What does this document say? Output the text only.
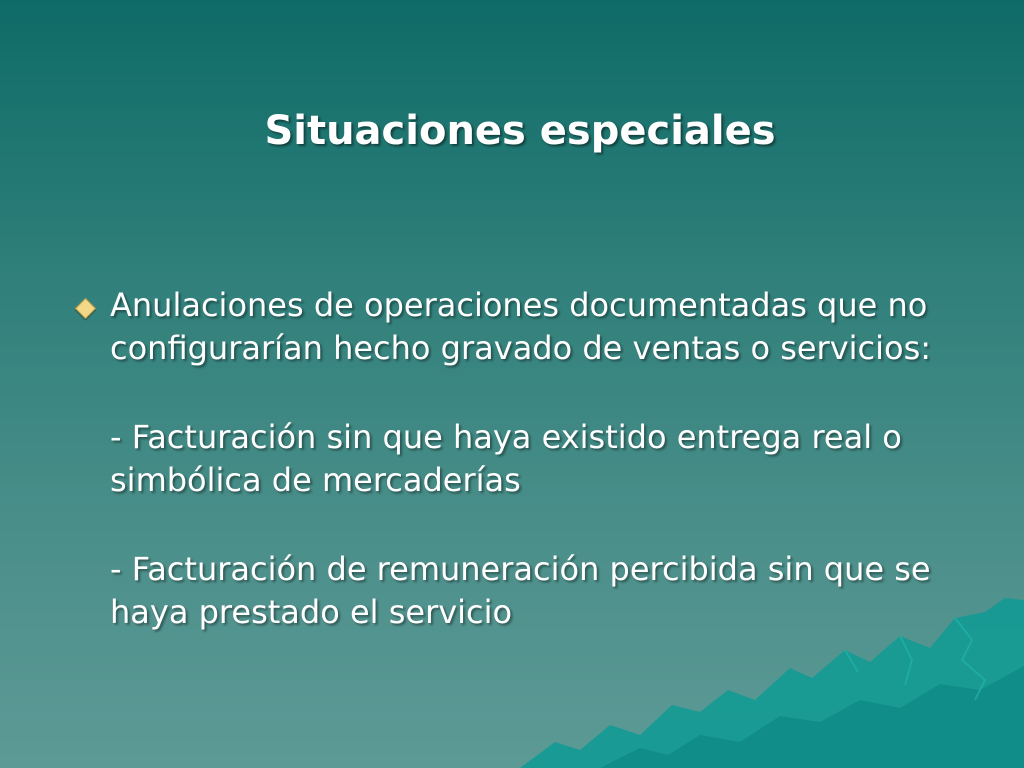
Situaciones especiales
Anulaciones de operaciones documentadas que no configurarían hecho gravado de ventas o servicios:
- Facturación sin que haya existido entrega real o simbólica de mercaderías
- Facturación de remuneración percibida sin que se haya prestado el servicio
